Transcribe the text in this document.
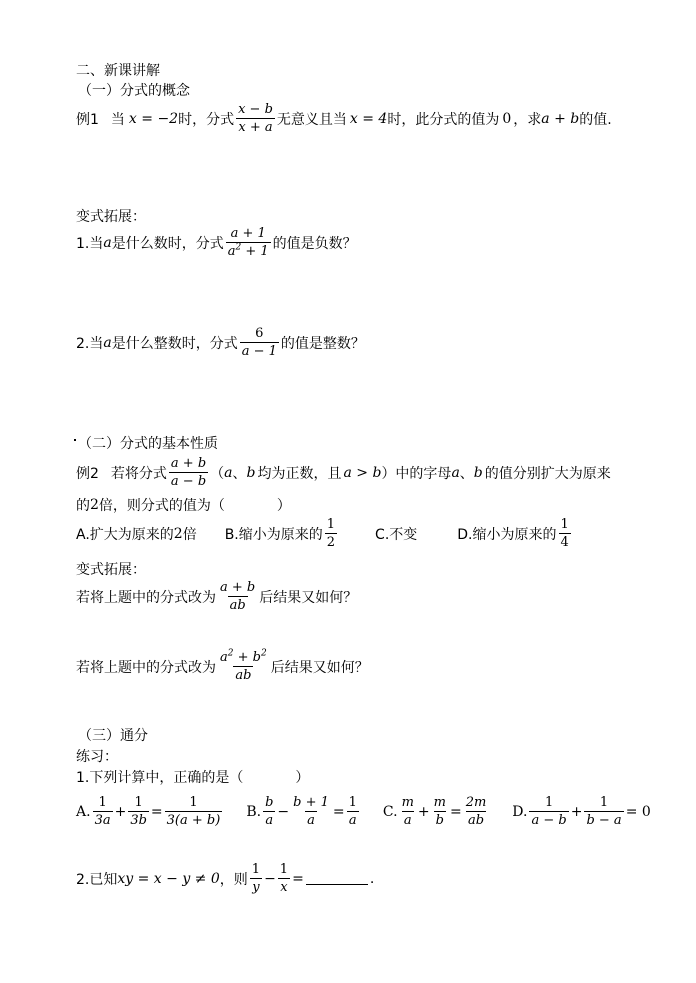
二、新课讲解
（一）分式的概念
例1 当 x = −2 时，分式 $\frac{x - b}{x + a}$ 无意义且当 x = 4 时，此分式的值为 0 ，求 a + b 的值.
变式拓展：
1.当 a 是什么数时，分式 $\frac{a + 1}{a^2 + 1}$ 的值是负数？
2.当 a 是什么整数时，分式 $\frac{6}{a - 1}$ 的值是整数？
（二）分式的基本性质
例2 若将分式 $\frac{a + b}{a - b}$ （ a 、 b 均为正数，且 a > b ）中的字母 a 、 b 的值分别扩大为原来
的 2 倍，则分式的值为（	）
A.扩大为原来的 2 倍 B.缩小为原来的 $\frac{1}{2}$	C.不变	D.缩小为原来的 $\frac{1}{4}$
变式拓展：
若将上题中的分式改为 $\frac{a + b}{ab}$ 后结果又如何？
若将上题中的分式改为 $\frac{a^2 + b^2}{ab}$ 后结果又如何？
（三）通分
练习：
1.下列计算中，正确的是（	）
A. $\frac{1}{3a} + \frac{1}{3b} = \frac{1}{3(a + b)} B$. $\frac{b}{a} - \frac{b + 1}{a} = \frac{1}{a} C$. $\frac{m}{a} + \frac{m}{b} = \frac{2m}{ab} D$. $\frac{1}{a - b} + \frac{1}{b - a} = 0$
2.已知 xy = x − y ≠ 0 ，则 $\frac{1}{y} - \frac{1}{x}$ =	.
